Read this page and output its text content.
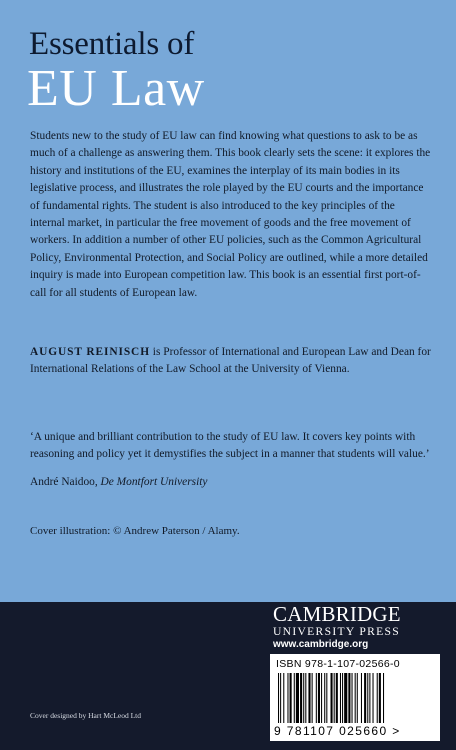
Essentials of
EU Law
Students new to the study of EU law can find knowing what questions to ask to be as much of a challenge as answering them. This book clearly sets the scene: it explores the history and institutions of the EU, examines the interplay of its main bodies in its legislative process, and illustrates the role played by the EU courts and the importance of fundamental rights. The student is also introduced to the key principles of the internal market, in particular the free movement of goods and the free movement of workers. In addition a number of other EU policies, such as the Common Agricultural Policy, Environmental Protection, and Social Policy are outlined, while a more detailed inquiry is made into European competition law. This book is an essential first port-of-call for all students of European law.
AUGUST REINISCH is Professor of International and European Law and Dean for International Relations of the Law School at the University of Vienna.
‘A unique and brilliant contribution to the study of EU law. It covers key points with reasoning and policy yet it demystifies the subject in a manner that students will value.’
André Naidoo, De Montfort University
Cover illustration: © Andrew Paterson / Alamy.
CAMBRIDGE
UNIVERSITY PRESS
www.cambridge.org
ISBN 978-1-107-02566-0
9 781107 025660 >
Cover designed by Hart McLeod Ltd
